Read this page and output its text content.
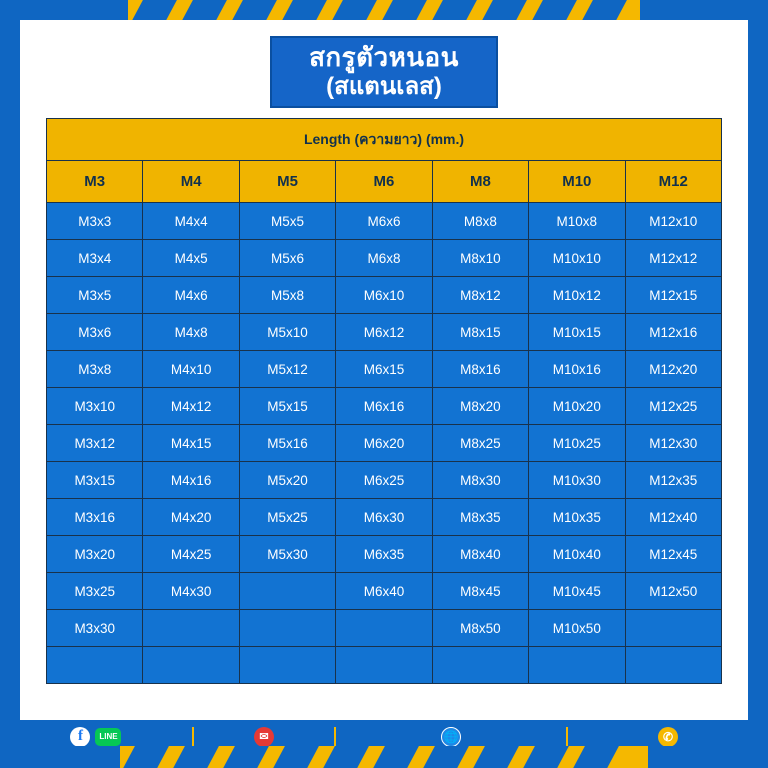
สกรูตัวหนอน
(สแตนเลส)
Length (ความยาว) (mm.)						
M3	M4	M5	M6	M8	M10	M12
M3x3	M4x4	M5x5	M6x6	M8x8	M10x8	M12x10
M3x4	M4x5	M5x6	M6x8	M8x10	M10x10	M12x12
M3x5	M4x6	M5x8	M6x10	M8x12	M10x12	M12x15
M3x6	M4x8	M5x10	M6x12	M8x15	M10x15	M12x16
M3x8	M4x10	M5x12	M6x15	M8x16	M10x16	M12x20
M3x10	M4x12	M5x15	M6x16	M8x20	M10x20	M12x25
M3x12	M4x15	M5x16	M6x20	M8x25	M10x25	M12x30
M3x15	M4x16	M5x20	M6x25	M8x30	M10x30	M12x35
M3x16	M4x20	M5x25	M6x30	M8x35	M10x35	M12x40
M3x20	M4x25	M5x30	M6x35	M8x40	M10x40	M12x45
M3x25	M4x30		M6x40	M8x45	M10x45	M12x50
M3x30				M8x50	M10x50	

f	LINE	✉	🌐	✆
